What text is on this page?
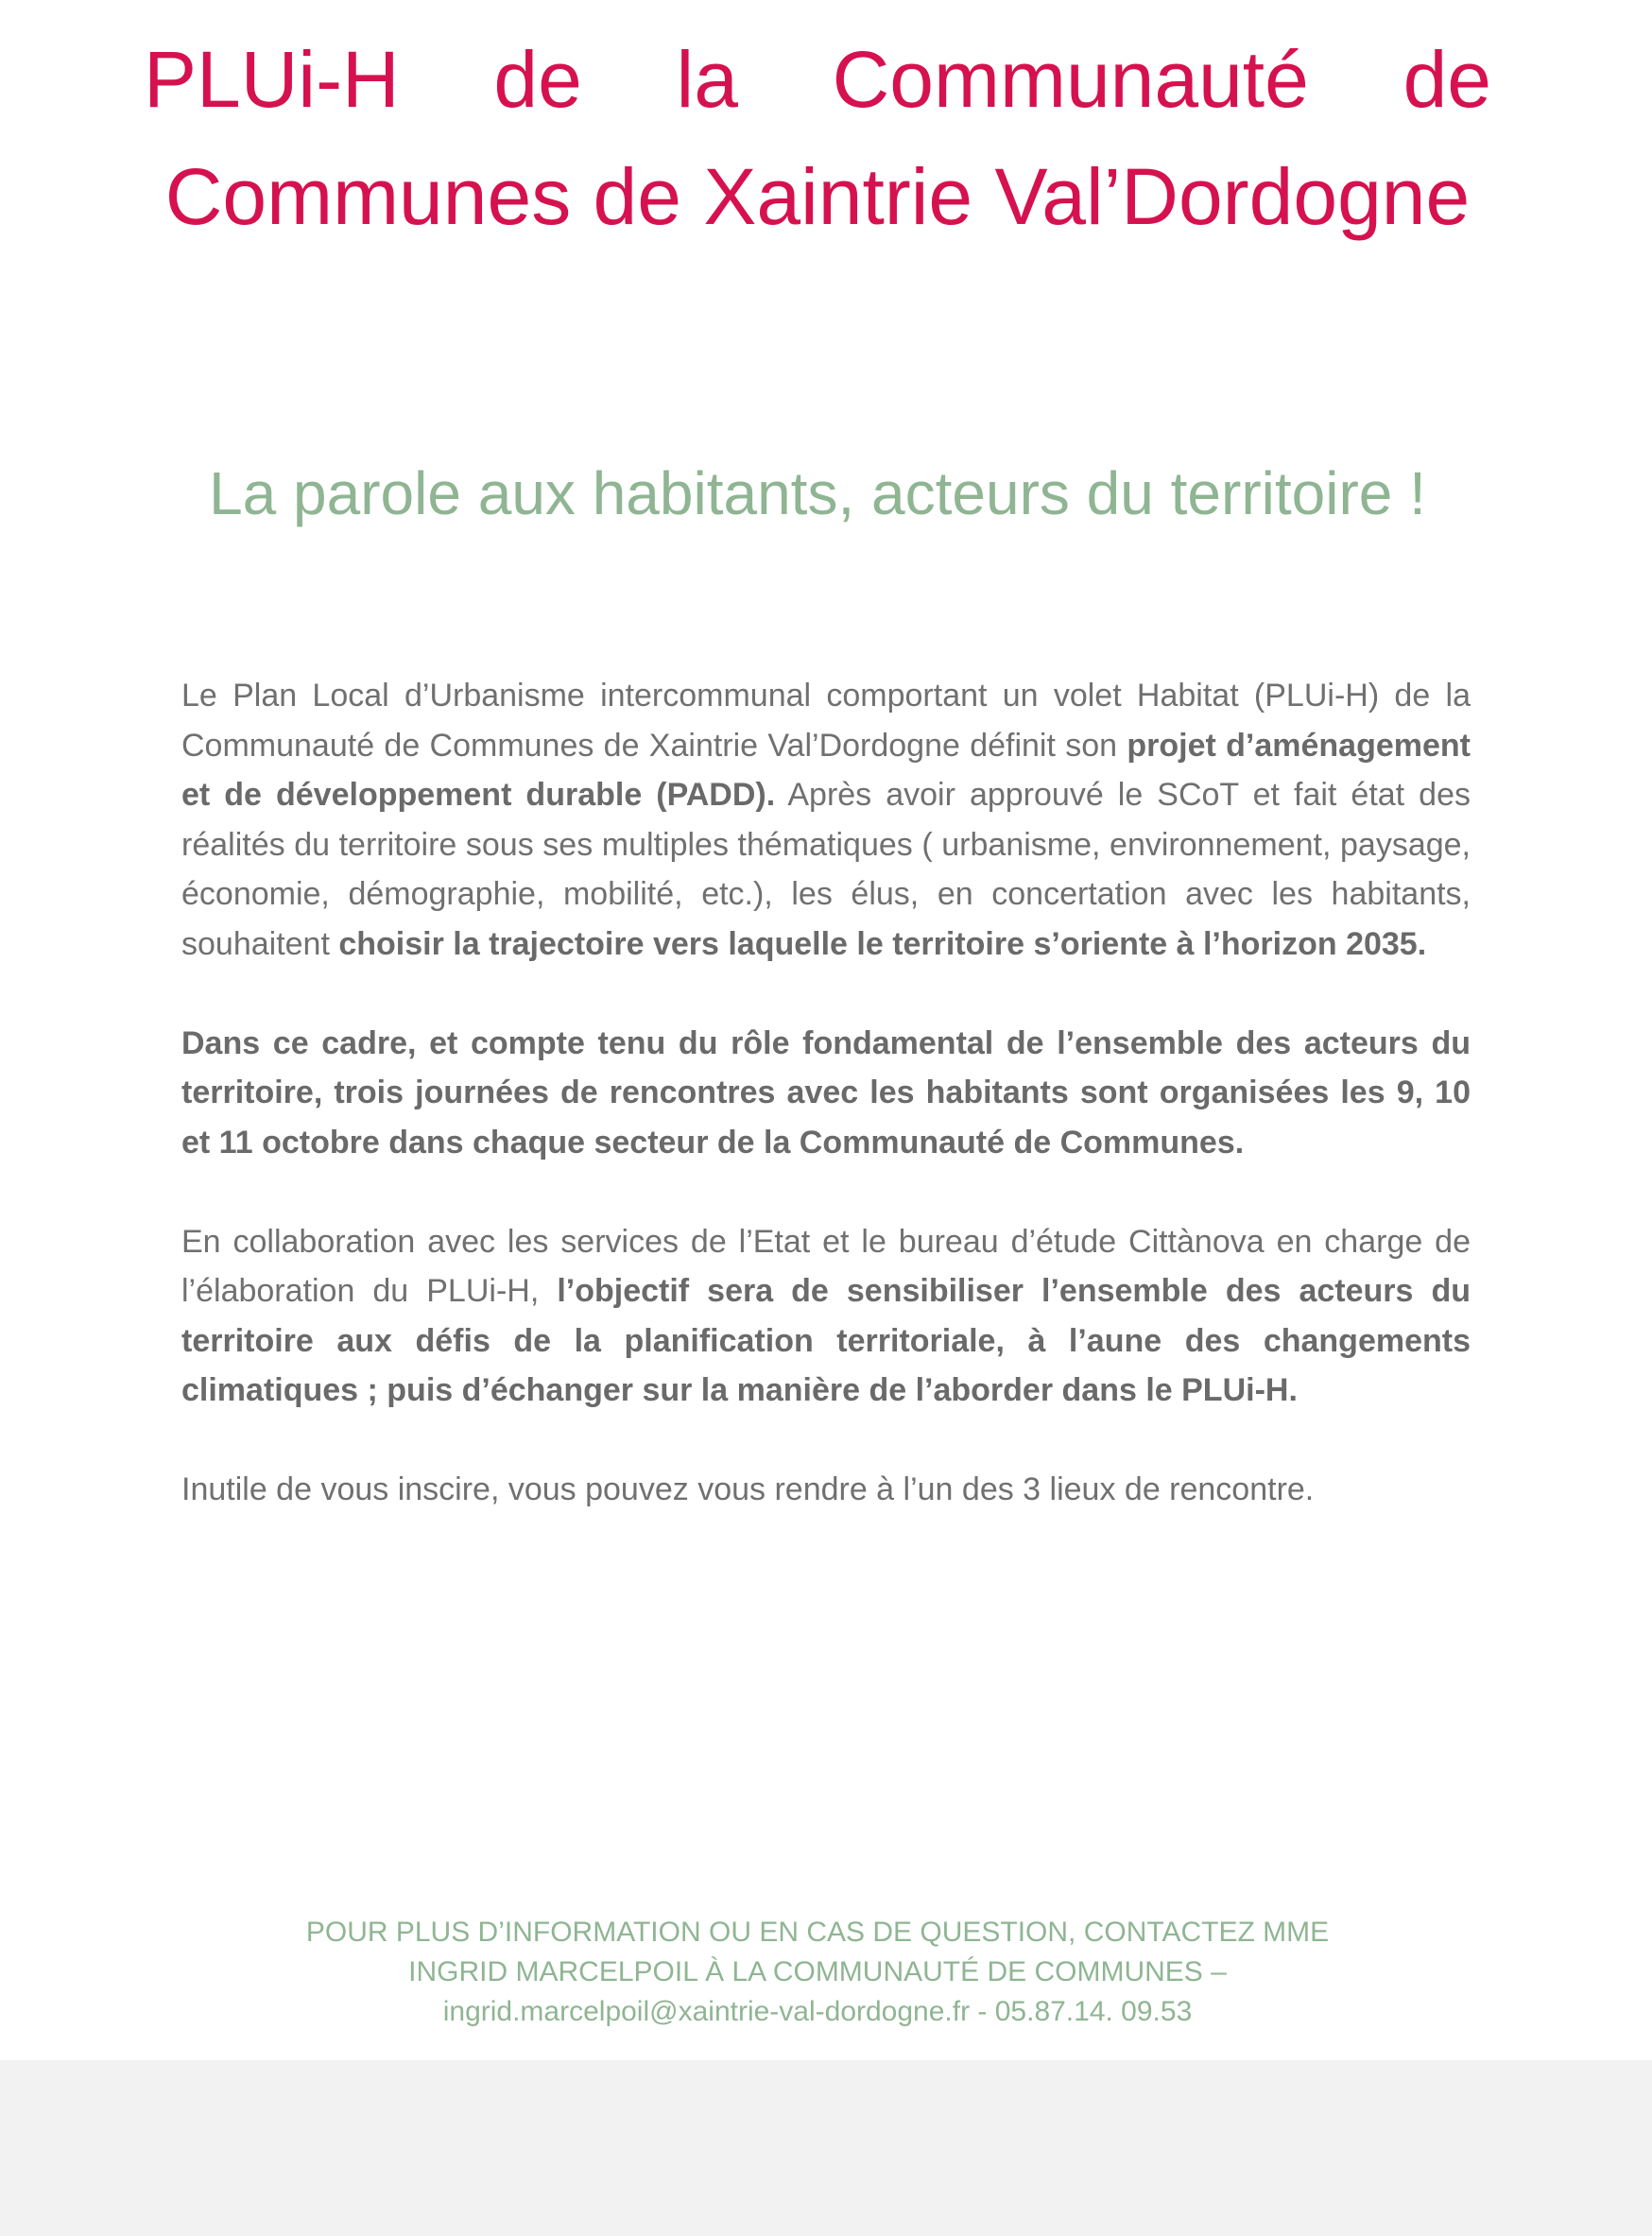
PLUi-H de la Communauté de Communes de Xaintrie Val’Dordogne
La parole aux habitants, acteurs du territoire !

Le Plan Local d’Urbanisme intercommunal comportant un volet Habitat (PLUi-H) de la Communauté de Communes de Xaintrie Val’Dordogne définit son projet d’aménagement et de développement durable (PADD). Après avoir approuvé le SCoT et fait état des réalités du territoire sous ses multiples thématiques ( urbanisme, environnement, paysage, économie, démographie, mobilité, etc.), les élus, en concertation avec les habitants, souhaitent choisir la trajectoire vers laquelle le territoire s’oriente à l’horizon 2035.

Dans ce cadre, et compte tenu du rôle fondamental de l’ensemble des acteurs du territoire, trois journées de rencontres avec les habitants sont organisées les 9, 10 et 11 octobre dans chaque secteur de la Communauté de Communes.

En collaboration avec les services de l’Etat et le bureau d’étude Cittànova en charge de l’élaboration du PLUi-H, l’objectif sera de sensibiliser l’ensemble des acteurs du territoire aux défis de la planification territoriale, à l’aune des changements climatiques ; puis d’échanger sur la manière de l’aborder dans le PLUi-H.

Inutile de vous inscire, vous pouvez vous rendre à l’un des 3 lieux de rencontre.

POUR PLUS D’INFORMATION OU EN CAS DE QUESTION, CONTACTEZ MME
INGRID MARCELPOIL À LA COMMUNAUTÉ DE COMMUNES –
ingrid.marcelpoil@xaintrie-val-dordogne.fr - 05.87.14. 09.53
